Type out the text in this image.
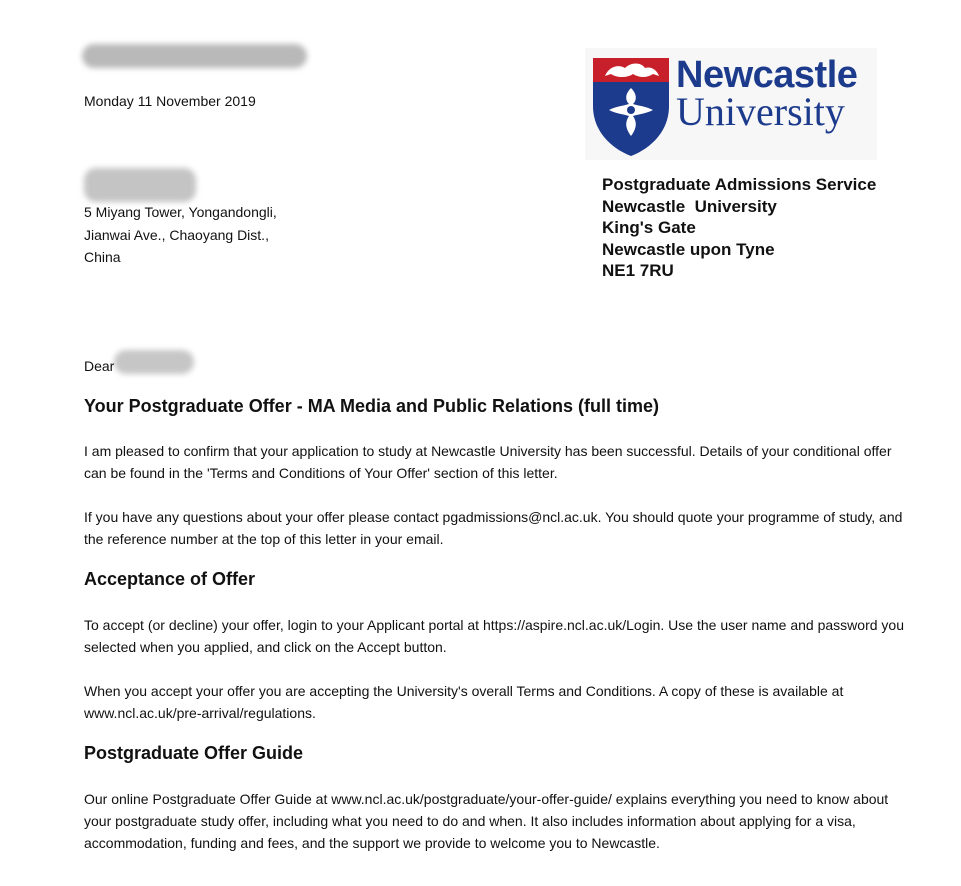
Monday 11 November 2019
5 Miyang Tower, Yongandongli,
Jianwai Ave., Chaoyang Dist.,
China
Newcastle
University
Postgraduate Admissions Service
Newcastle  University
King's Gate
Newcastle upon Tyne
NE1 7RU
Dear
Your Postgraduate Offer - MA Media and Public Relations (full time)

I am pleased to confirm that your application to study at Newcastle University has been successful. Details of your conditional offer can be found in the 'Terms and Conditions of Your Offer' section of this letter.

If you have any questions about your offer please contact pgadmissions@ncl.ac.uk. You should quote your programme of study, and the reference number at the top of this letter in your email.

Acceptance of Offer

To accept (or decline) your offer, login to your Applicant portal at https://aspire.ncl.ac.uk/Login. Use the user name and password you selected when you applied, and click on the Accept button.

When you accept your offer you are accepting the University's overall Terms and Conditions. A copy of these is available at www.ncl.ac.uk/pre-arrival/regulations.

Postgraduate Offer Guide

Our online Postgraduate Offer Guide at www.ncl.ac.uk/postgraduate/your-offer-guide/ explains everything you need to know about your postgraduate study offer, including what you need to do and when. It also includes information about applying for a visa, accommodation, funding and fees, and the support we provide to welcome you to Newcastle.
